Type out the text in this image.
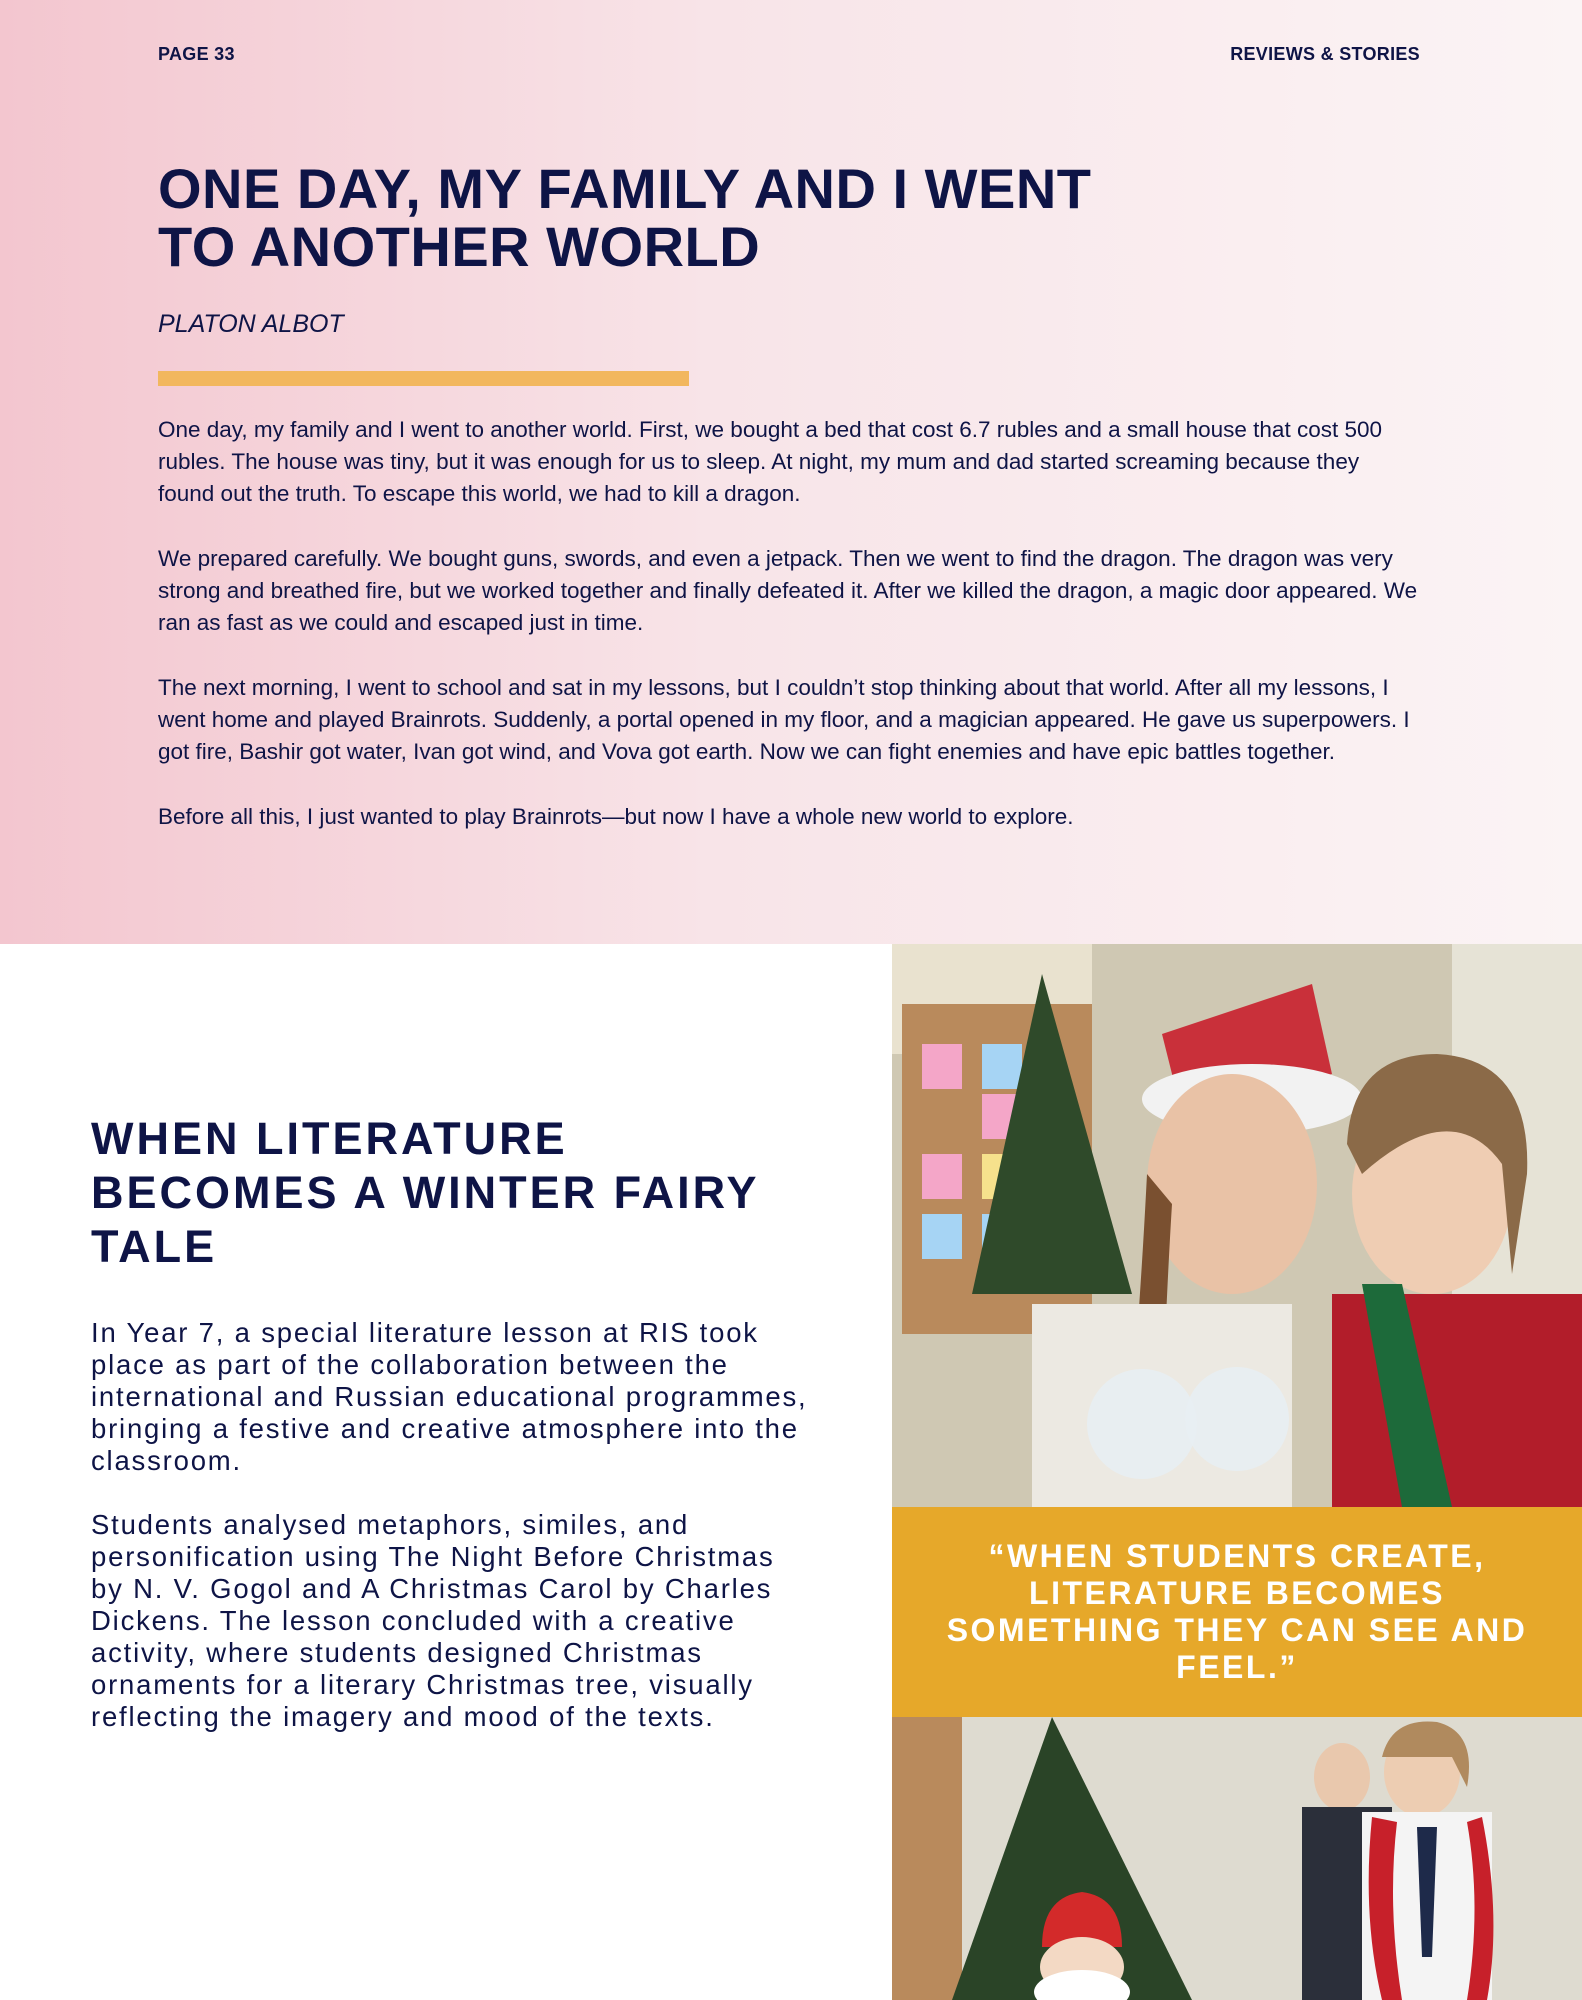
PAGE 33	REVIEWS & STORIES
ONE DAY, MY FAMILY AND I WENT TO ANOTHER WORLD
PLATON ALBOT

One day, my family and I went to another world. First, we bought a bed that cost 6.7 rubles and a small house that cost 500 rubles. The house was tiny, but it was enough for us to sleep. At night, my mum and dad started screaming because they found out the truth. To escape this world, we had to kill a dragon.

We prepared carefully. We bought guns, swords, and even a jetpack. Then we went to find the dragon. The dragon was very strong and breathed fire, but we worked together and finally defeated it. After we killed the dragon, a magic door appeared. We ran as fast as we could and escaped just in time.

The next morning, I went to school and sat in my lessons, but I couldn’t stop thinking about that world. After all my lessons, I went home and played Brainrots. Suddenly, a portal opened in my floor, and a magician appeared. He gave us superpowers. I got fire, Bashir got water, Ivan got wind, and Vova got earth. Now we can fight enemies and have epic battles together.

Before all this, I just wanted to play Brainrots—but now I have a whole new world to explore.

WHEN LITERATURE BECOMES A WINTER FAIRY TALE

In Year 7, a special literature lesson at RIS took place as part of the collaboration between the international and Russian educational programmes, bringing a festive and creative atmosphere into the classroom.

Students analysed metaphors, similes, and personification using The Night Before Christmas by N. V. Gogol and A Christmas Carol by Charles Dickens. The lesson concluded with a creative activity, where students designed Christmas ornaments for a literary Christmas tree, visually reflecting the imagery and mood of the texts.

“WHEN STUDENTS CREATE, LITERATURE BECOMES SOMETHING THEY CAN SEE AND FEEL.”
